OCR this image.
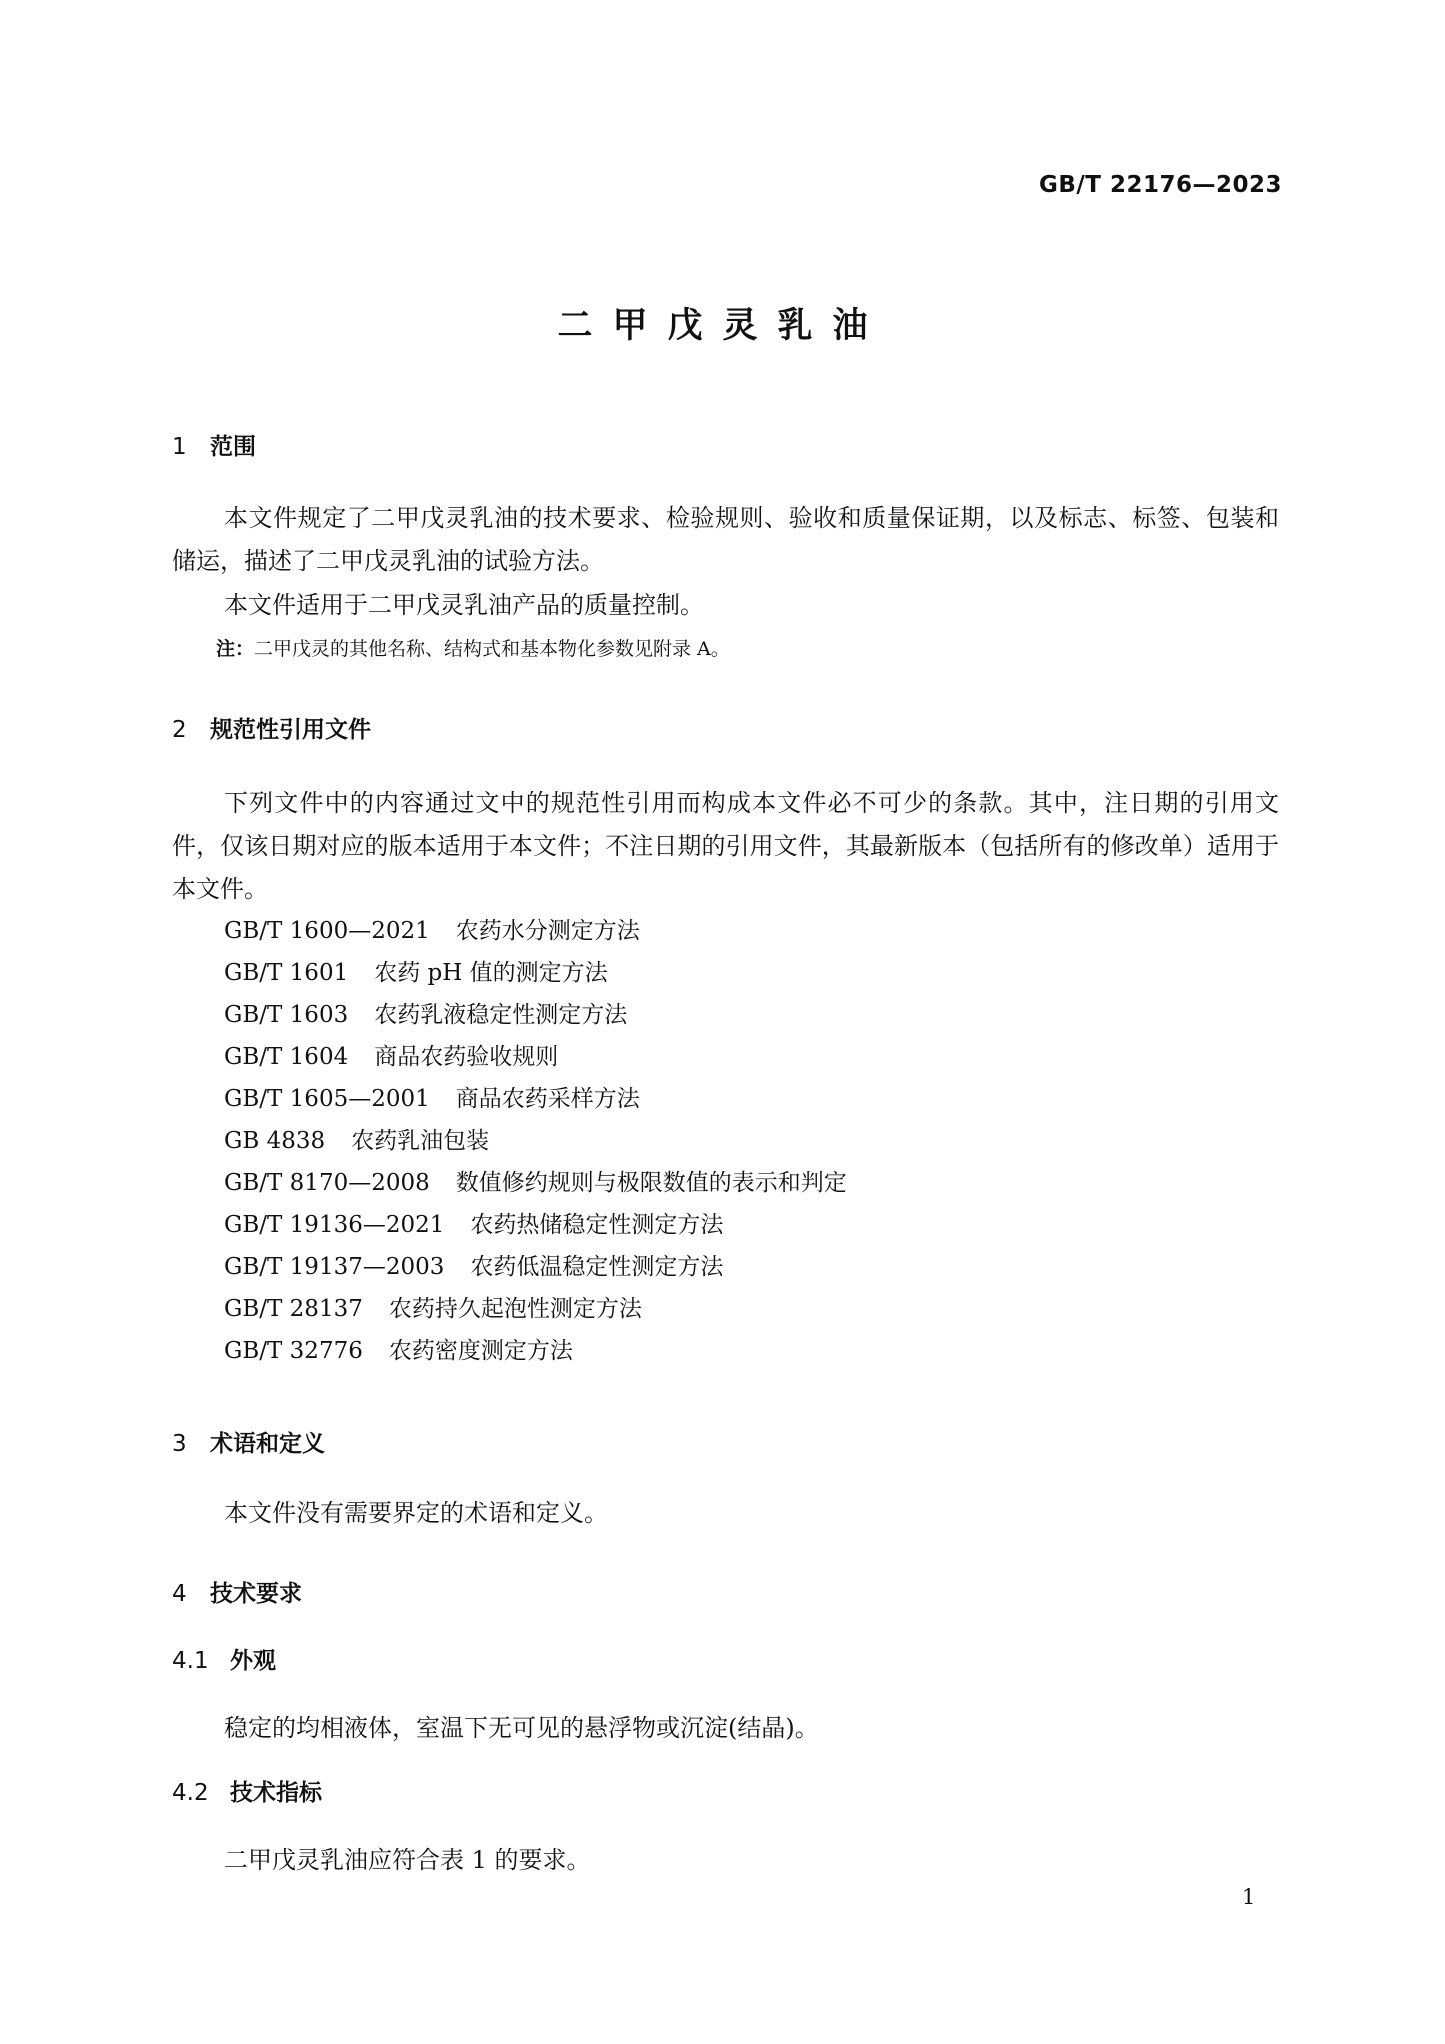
GB/T 22176—2023
二甲戊灵乳油
1 范围
本文件规定了二甲戊灵乳油的技术要求、检验规则、验收和质量保证期，以及标志、标签、包装和储运，描述了二甲戊灵乳油的试验方法。
本文件适用于二甲戊灵乳油产品的质量控制。
注：二甲戊灵的其他名称、结构式和基本物化参数见附录 A。
2 规范性引用文件
下列文件中的内容通过文中的规范性引用而构成本文件必不可少的条款。其中，注日期的引用文件，仅该日期对应的版本适用于本文件；不注日期的引用文件，其最新版本（包括所有的修改单）适用于本文件。
GB/T 1600—2021 农药水分测定方法
GB/T 1601 农药 pH 值的测定方法
GB/T 1603 农药乳液稳定性测定方法
GB/T 1604 商品农药验收规则
GB/T 1605—2001 商品农药采样方法
GB 4838 农药乳油包装
GB/T 8170—2008 数值修约规则与极限数值的表示和判定
GB/T 19136—2021 农药热储稳定性测定方法
GB/T 19137—2003 农药低温稳定性测定方法
GB/T 28137 农药持久起泡性测定方法
GB/T 32776 农药密度测定方法
3 术语和定义
本文件没有需要界定的术语和定义。
4 技术要求
4.1 外观
稳定的均相液体，室温下无可见的悬浮物或沉淀(结晶)。
4.2 技术指标
二甲戊灵乳油应符合表 1 的要求。
1
